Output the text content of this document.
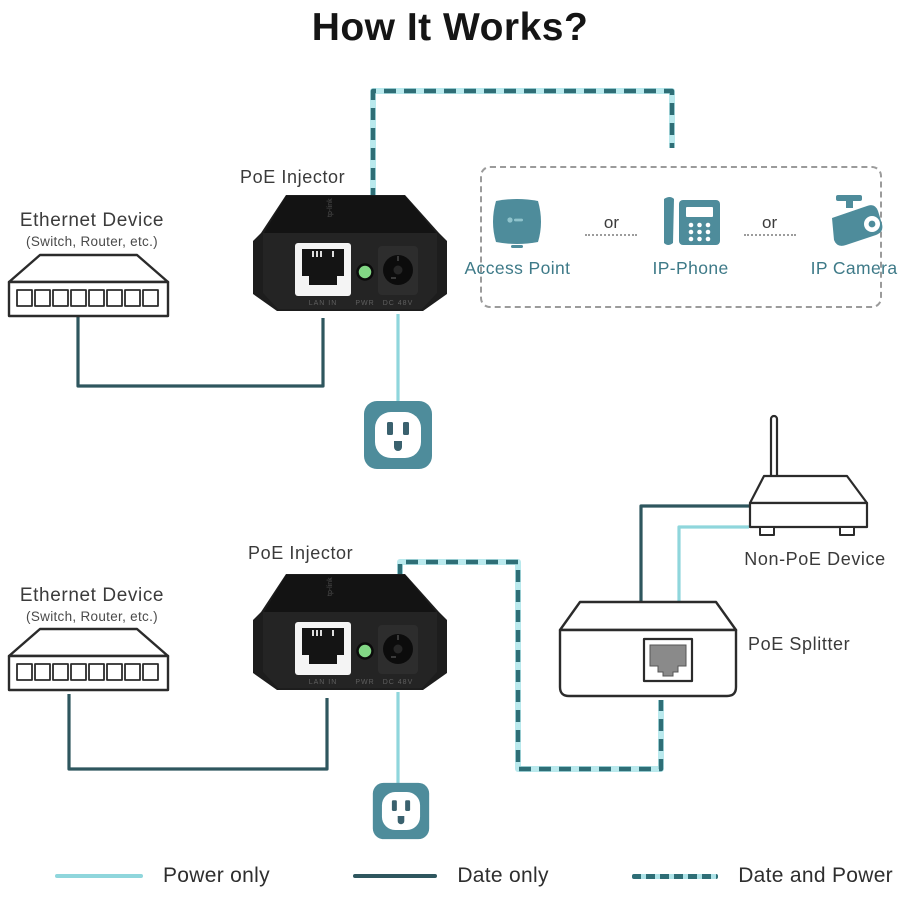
How It Works?
Ethernet Device
(Switch, Router, etc.)
PoE Injector
tp-link
LAN IN	PWR DC 48V
Access Point
or
IP-Phone
or
IP Camera
PoE Injector
Ethernet Device
(Switch, Router, etc.)
tp-link
LAN IN	PWR DC 48V
Non-PoE Device
PoE Splitter
Power only	Date only	Date and Power
